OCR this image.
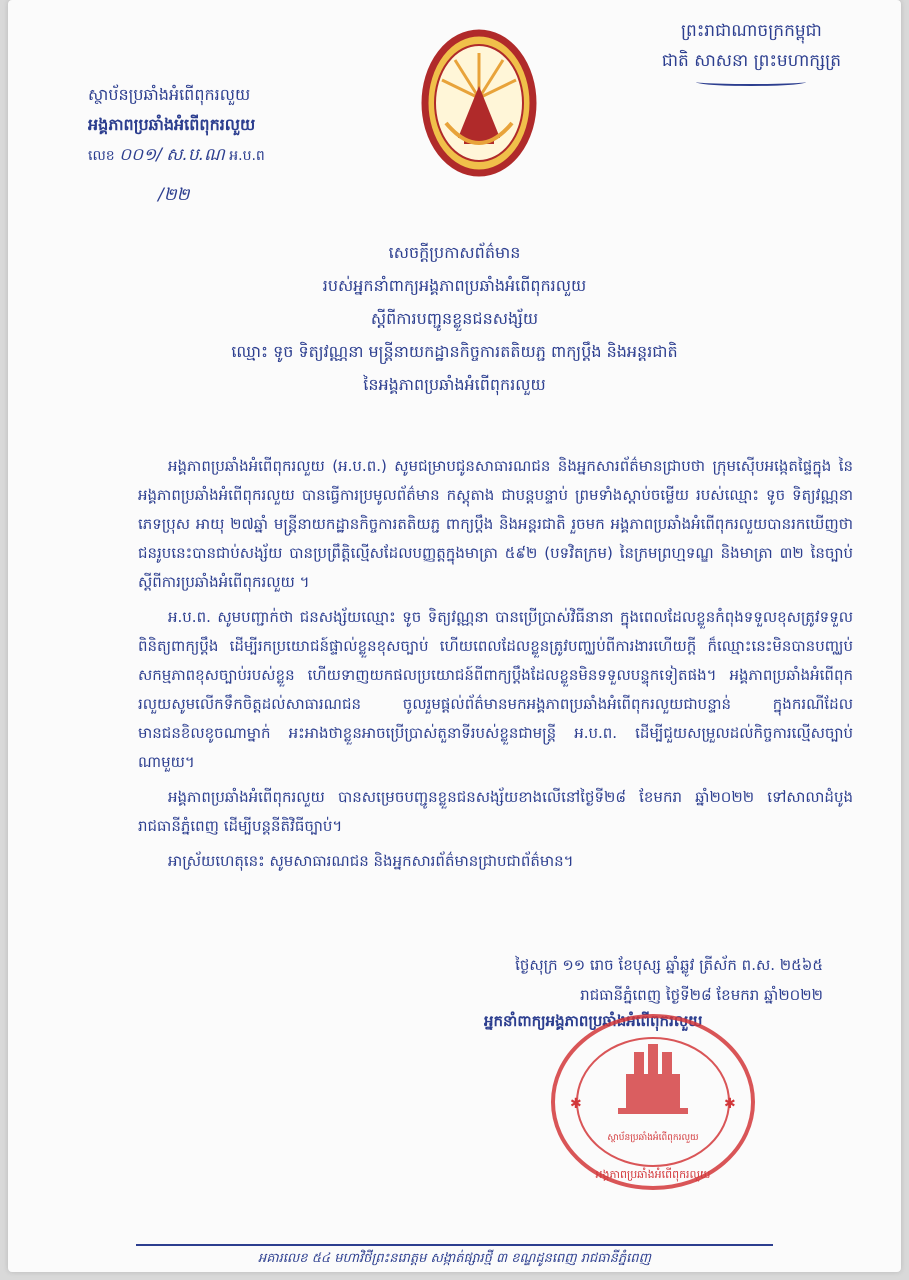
ព្រះរាជាណាចក្រកម្ពុជា
ជាតិ សាសនា ព្រះមហាក្សត្រ
ស្ថាប័នប្រឆាំងអំពើពុករលួយ
អង្គភាពប្រឆាំងអំពើពុករលួយ
លេខ ០០១/ ស.ប.ណ អ.ប.ព
/២២
សេចក្តីប្រកាសព័ត៌មាន
របស់អ្នកនាំពាក្យអង្គភាពប្រឆាំងអំពើពុករលួយ
ស្តីពីការបញ្ជូនខ្លួនជនសង្ស័យ
ឈ្មោះ ទូច ទិត្យវណ្ណនា មន្ត្រីនាយកដ្ឋានកិច្ចការតតិយភ្ជ ពាក្យប្តឹង និងអន្តរជាតិ
នៃអង្គភាពប្រឆាំងអំពើពុករលួយ

អង្គភាពប្រឆាំងអំពើពុករលួយ (អ.ប.ព.) សូមជម្រាបជូនសាធារណជន និងអ្នកសារព័ត៌មានជ្រាបថា ក្រុមស៊ើបអង្កេតផ្ទៃក្នុង នៃអង្គភាពប្រឆាំងអំពើពុករលួយ បានធ្វើការប្រមូលព័ត៌មាន កស្តុតាង ជាបន្តបន្ទាប់ ព្រមទាំងស្តាប់ចម្លើយ របស់ឈ្មោះ ទូច ទិត្យវណ្ណនា ភេទប្រុស អាយុ ២៧ឆ្នាំ មន្ត្រីនាយកដ្ឋានកិច្ចការតតិយភ្ជ ពាក្យប្តឹង និងអន្តរជាតិ រួចមក អង្គភាពប្រឆាំងអំពើពុករលួយបានរកឃើញថា ជនរូបនេះបានជាប់សង្ស័យ បានប្រព្រឹត្តិល្មើសដែលបញ្ញត្តក្នុងមាត្រា ៥៩២ (បទវិតក្រម) នៃក្រមព្រហ្មទណ្ឌ និងមាត្រា ៣២ នៃច្បាប់ស្តីពីការប្រឆាំងអំពើពុករលួយ ។

អ.ប.ព. សូមបញ្ជាក់ថា ជនសង្ស័យឈ្មោះ ទូច ទិត្យវណ្ណនា បានប្រើប្រាស់វិធីនានា ក្នុងពេលដែលខ្លួនកំពុងទទួលខុសត្រូវទទួលពិនិត្យពាក្យប្តឹង ដើម្បីរកប្រយោជន៍ផ្ទាល់ខ្លួនខុសច្បាប់ ហើយពេលដែលខ្លួនត្រូវបញ្ឈប់ពីការងារហើយក្តី ក៏ឈ្មោះនេះមិនបានបញ្ឈប់សកម្មភាពខុសច្បាប់របស់ខ្លួន ហើយទាញយកផលប្រយោជន៍ពីពាក្យប្តឹងដែលខ្លួនមិនទទួលបន្ទុកទៀតផង។ អង្គភាពប្រឆាំងអំពើពុករលួយសូមលើកទឹកចិត្តដល់សាធារណជន ចូលរួមផ្តល់ព័ត៌មានមកអង្គភាពប្រឆាំងអំពើពុករលួយជាបន្ទាន់ ក្នុងករណីដែលមានជនខិលខូចណាម្នាក់ អះអាងថាខ្លួនអាចប្រើប្រាស់តួនាទីរបស់ខ្លួនជាមន្ត្រី អ.ប.ព. ដើម្បីជួយសម្រួលដល់កិច្ចការល្មើសច្បាប់ណាមួយ។

អង្គភាពប្រឆាំងអំពើពុករលួយ បានសម្រេចបញ្ជូនខ្លួនជនសង្ស័យខាងលើនៅថ្ងៃទី២៨ ខែមករា ឆ្នាំ២០២២ ទៅសាលាដំបូងរាជធានីភ្នំពេញ ដើម្បីបន្តនីតិវិធីច្បាប់។

អាស្រ័យហេតុនេះ សូមសាធារណជន និងអ្នកសារព័ត៌មានជ្រាបជាព័ត៌មាន។

ថ្ងៃសុក្រ ១១ រោច ខែបុស្ស ឆ្នាំឆ្លូវ ត្រីស័ក ព.ស. ២៥៦៥
រាជធានីភ្នំពេញ ថ្ងៃទី២៨ ខែមករា ឆ្នាំ២០២២
អ្នកនាំពាក្យអង្គភាពប្រឆាំងអំពើពុករលួយ
ស្ថាប័នប្រឆាំងអំពើពុករលួយ
អង្គភាពប្រឆាំងអំពើពុករលួយ
✱	✱
អគារលេខ ៥៤ មហាវិថីព្រះនរោត្តម សង្កាត់ផ្សារថ្មី ៣ ខណ្ឌដូនពេញ រាជធានីភ្នំពេញ
